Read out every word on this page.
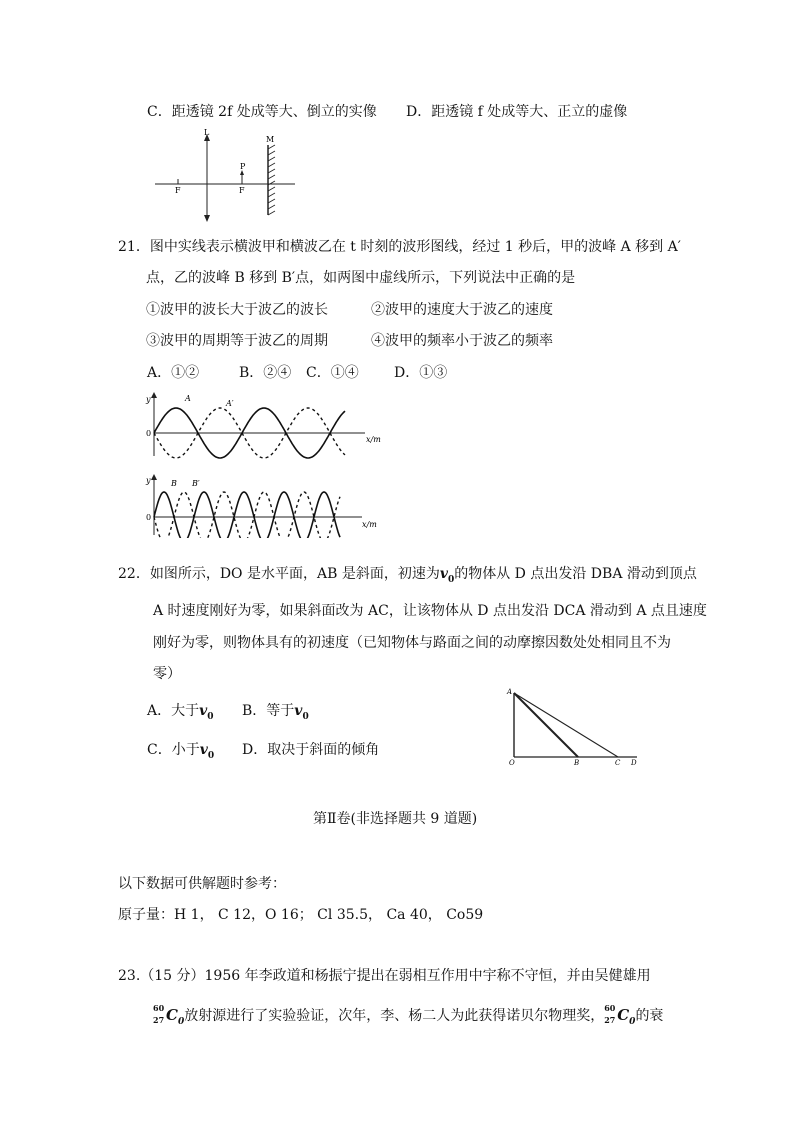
C．距透镜 2f 处成等大、倒立的实像 D．距透镜 f 处成等大、正立的虚像
L
M
P
F	F
21．图中实线表示横波甲和横波乙在 t 时刻的波形图线，经过 1 秒后，甲的波峰 A 移到 A′
点，乙的波峰 B 移到 B′点，如两图中虚线所示，下列说法中正确的是
①波甲的波长大于波乙的波长	②波甲的速度大于波乙的速度
③波甲的周期等于波乙的周期	④波甲的频率小于波乙的频率
A．①②	B．②④ C．①④	D．①③
y
0
A
A′
x/m
y
0
B B′
x/m
22．如图所示，DO 是水平面，AB 是斜面，初速为$v_0$的物体从 D 点出发沿 DBA 滑动到顶点
A 时速度刚好为零，如果斜面改为 AC，让该物体从 D 点出发沿 DCA 滑动到 A 点且速度
刚好为零，则物体具有的初速度（已知物体与路面之间的动摩擦因数处处相同且不为
零）
A．大于$v_0$ B．等于$v_0$
C．小于$v_0$ D．取决于斜面的倾角
A
O	B	C D
第Ⅱ卷(非选择题共 9 道题)
以下数据可供解题时参考：
原子量：H 1， C 12，O 16； Cl 35.5， Ca 40， Co59
23.（15 分）1956 年李政道和杨振宁提出在弱相互作用中宇称不守恒，并由吴健雄用
60
27 $C_0$放射源进行了实验验证，次年，李、杨二人为此获得诺贝尔物理奖， 60
27 $C_0$的衰
